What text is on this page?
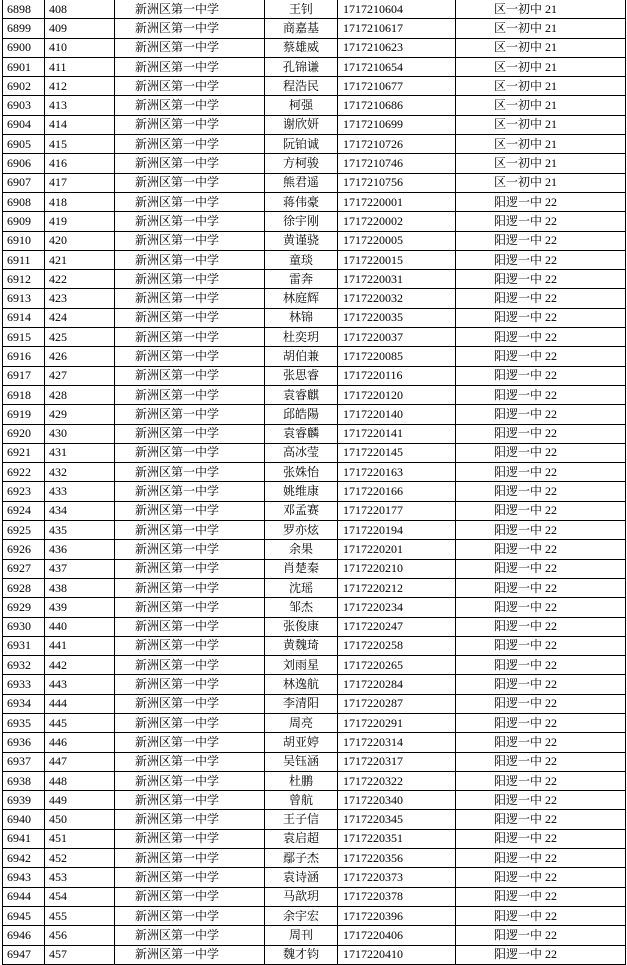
6898	408	新洲区第一中学	王钊	1717210604	区一初中 21
6899	409	新洲区第一中学	商嘉基	1717210617	区一初中 21
6900	410	新洲区第一中学	蔡雄威	1717210623	区一初中 21
6901	411	新洲区第一中学	孔锦谦	1717210654	区一初中 21
6902	412	新洲区第一中学	程浩民	1717210677	区一初中 21
6903	413	新洲区第一中学	柯强	1717210686	区一初中 21
6904	414	新洲区第一中学	谢欣妍	1717210699	区一初中 21
6905	415	新洲区第一中学	阮铂诚	1717210726	区一初中 21
6906	416	新洲区第一中学	方柯骏	1717210746	区一初中 21
6907	417	新洲区第一中学	熊君遥	1717210756	区一初中 21
6908	418	新洲区第一中学	蒋伟豪	1717220001	阳逻一中 22
6909	419	新洲区第一中学	徐宇刚	1717220002	阳逻一中 22
6910	420	新洲区第一中学	黄谨骁	1717220005	阳逻一中 22
6911	421	新洲区第一中学	童琰	1717220015	阳逻一中 22
6912	422	新洲区第一中学	雷奔	1717220031	阳逻一中 22
6913	423	新洲区第一中学	林庭辉	1717220032	阳逻一中 22
6914	424	新洲区第一中学	林锦	1717220035	阳逻一中 22
6915	425	新洲区第一中学	杜奕玥	1717220037	阳逻一中 22
6916	426	新洲区第一中学	胡伯兼	1717220085	阳逻一中 22
6917	427	新洲区第一中学	张思睿	1717220116	阳逻一中 22
6918	428	新洲区第一中学	袁睿麒	1717220120	阳逻一中 22
6919	429	新洲区第一中学	邱皓陽	1717220140	阳逻一中 22
6920	430	新洲区第一中学	袁睿麟	1717220141	阳逻一中 22
6921	431	新洲区第一中学	高冰莹	1717220145	阳逻一中 22
6922	432	新洲区第一中学	张姝怡	1717220163	阳逻一中 22
6923	433	新洲区第一中学	姚维康	1717220166	阳逻一中 22
6924	434	新洲区第一中学	邓孟赛	1717220177	阳逻一中 22
6925	435	新洲区第一中学	罗亦炫	1717220194	阳逻一中 22
6926	436	新洲区第一中学	余果	1717220201	阳逻一中 22
6927	437	新洲区第一中学	肖楚秦	1717220210	阳逻一中 22
6928	438	新洲区第一中学	沈瑶	1717220212	阳逻一中 22
6929	439	新洲区第一中学	邹杰	1717220234	阳逻一中 22
6930	440	新洲区第一中学	张俊康	1717220247	阳逻一中 22
6931	441	新洲区第一中学	黄魏琦	1717220258	阳逻一中 22
6932	442	新洲区第一中学	刘雨星	1717220265	阳逻一中 22
6933	443	新洲区第一中学	林逸航	1717220284	阳逻一中 22
6934	444	新洲区第一中学	李清阳	1717220287	阳逻一中 22
6935	445	新洲区第一中学	周亮	1717220291	阳逻一中 22
6936	446	新洲区第一中学	胡亚婷	1717220314	阳逻一中 22
6937	447	新洲区第一中学	吴钰涵	1717220317	阳逻一中 22
6938	448	新洲区第一中学	杜鹏	1717220322	阳逻一中 22
6939	449	新洲区第一中学	曾航	1717220340	阳逻一中 22
6940	450	新洲区第一中学	王子信	1717220345	阳逻一中 22
6941	451	新洲区第一中学	袁启超	1717220351	阳逻一中 22
6942	452	新洲区第一中学	鄢子杰	1717220356	阳逻一中 22
6943	453	新洲区第一中学	袁诗涵	1717220373	阳逻一中 22
6944	454	新洲区第一中学	马歆玥	1717220378	阳逻一中 22
6945	455	新洲区第一中学	余宇宏	1717220396	阳逻一中 22
6946	456	新洲区第一中学	周刊	1717220406	阳逻一中 22
6947	457	新洲区第一中学	魏才钧	1717220410	阳逻一中 22
